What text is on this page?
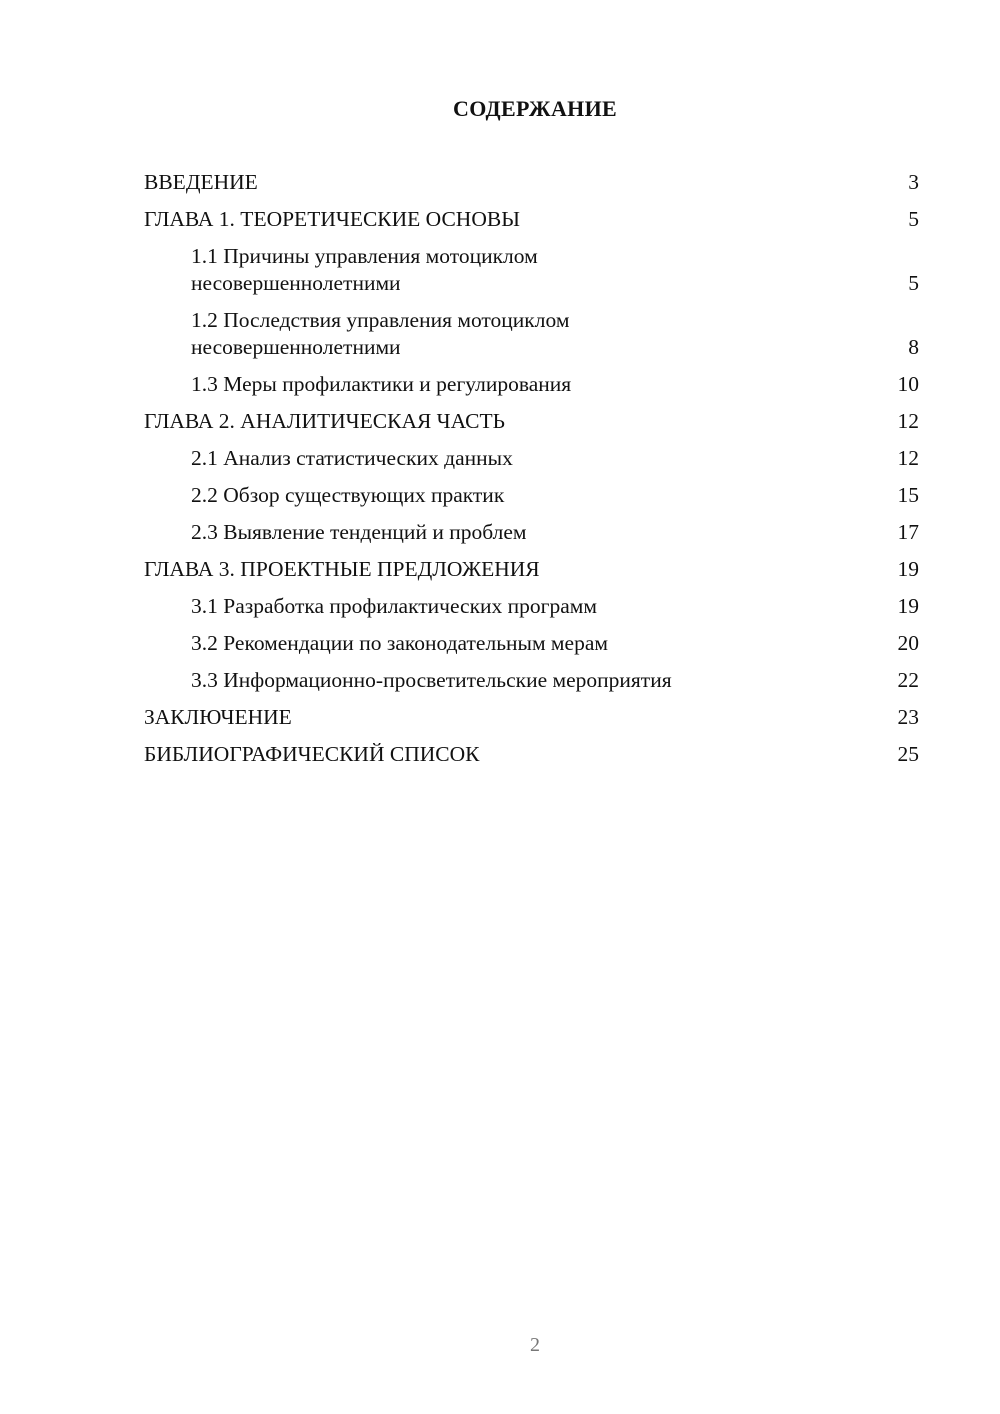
СОДЕРЖАНИЕ
ВВЕДЕНИЕ	3
ГЛАВА 1. ТЕОРЕТИЧЕСКИЕ ОСНОВЫ	5
1.1 Причины управления мотоциклом несовершеннолетними	5
1.2 Последствия управления мотоциклом несовершеннолетними	8
1.3 Меры профилактики и регулирования	10
ГЛАВА 2. АНАЛИТИЧЕСКАЯ ЧАСТЬ	12
2.1 Анализ статистических данных	12
2.2 Обзор существующих практик	15
2.3 Выявление тенденций и проблем	17
ГЛАВА 3. ПРОЕКТНЫЕ ПРЕДЛОЖЕНИЯ	19
3.1 Разработка профилактических программ	19
3.2 Рекомендации по законодательным мерам	20
3.3 Информационно-просветительские мероприятия	22
ЗАКЛЮЧЕНИЕ	23
БИБЛИОГРАФИЧЕСКИЙ СПИСОК	25
2
